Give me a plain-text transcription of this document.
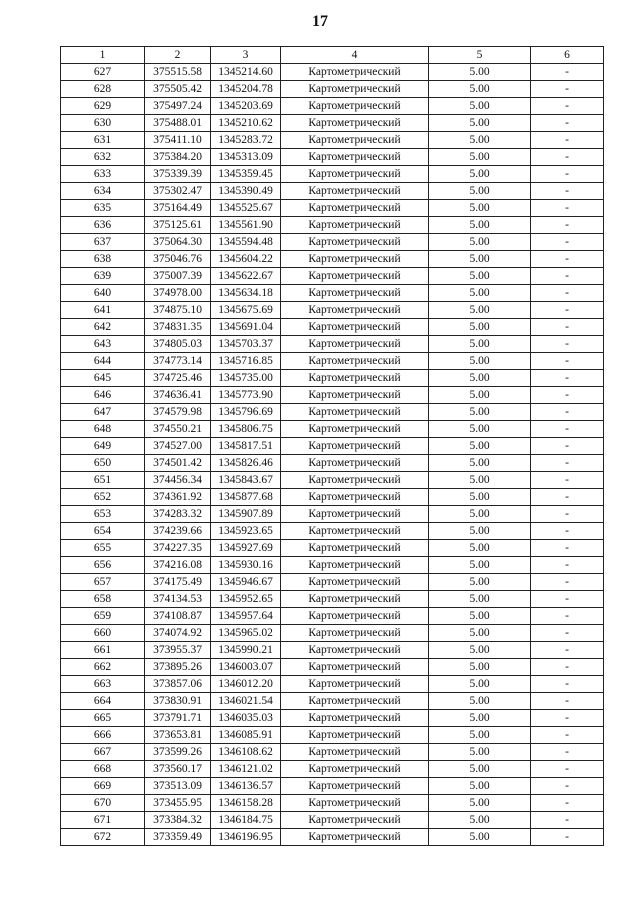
17
1	2	3	4	5	6
627	375515.58	1345214.60	Картометрический	5.00	-
628	375505.42	1345204.78	Картометрический	5.00	-
629	375497.24	1345203.69	Картометрический	5.00	-
630	375488.01	1345210.62	Картометрический	5.00	-
631	375411.10	1345283.72	Картометрический	5.00	-
632	375384.20	1345313.09	Картометрический	5.00	-
633	375339.39	1345359.45	Картометрический	5.00	-
634	375302.47	1345390.49	Картометрический	5.00	-
635	375164.49	1345525.67	Картометрический	5.00	-
636	375125.61	1345561.90	Картометрический	5.00	-
637	375064.30	1345594.48	Картометрический	5.00	-
638	375046.76	1345604.22	Картометрический	5.00	-
639	375007.39	1345622.67	Картометрический	5.00	-
640	374978.00	1345634.18	Картометрический	5.00	-
641	374875.10	1345675.69	Картометрический	5.00	-
642	374831.35	1345691.04	Картометрический	5.00	-
643	374805.03	1345703.37	Картометрический	5.00	-
644	374773.14	1345716.85	Картометрический	5.00	-
645	374725.46	1345735.00	Картометрический	5.00	-
646	374636.41	1345773.90	Картометрический	5.00	-
647	374579.98	1345796.69	Картометрический	5.00	-
648	374550.21	1345806.75	Картометрический	5.00	-
649	374527.00	1345817.51	Картометрический	5.00	-
650	374501.42	1345826.46	Картометрический	5.00	-
651	374456.34	1345843.67	Картометрический	5.00	-
652	374361.92	1345877.68	Картометрический	5.00	-
653	374283.32	1345907.89	Картометрический	5.00	-
654	374239.66	1345923.65	Картометрический	5.00	-
655	374227.35	1345927.69	Картометрический	5.00	-
656	374216.08	1345930.16	Картометрический	5.00	-
657	374175.49	1345946.67	Картометрический	5.00	-
658	374134.53	1345952.65	Картометрический	5.00	-
659	374108.87	1345957.64	Картометрический	5.00	-
660	374074.92	1345965.02	Картометрический	5.00	-
661	373955.37	1345990.21	Картометрический	5.00	-
662	373895.26	1346003.07	Картометрический	5.00	-
663	373857.06	1346012.20	Картометрический	5.00	-
664	373830.91	1346021.54	Картометрический	5.00	-
665	373791.71	1346035.03	Картометрический	5.00	-
666	373653.81	1346085.91	Картометрический	5.00	-
667	373599.26	1346108.62	Картометрический	5.00	-
668	373560.17	1346121.02	Картометрический	5.00	-
669	373513.09	1346136.57	Картометрический	5.00	-
670	373455.95	1346158.28	Картометрический	5.00	-
671	373384.32	1346184.75	Картометрический	5.00	-
672	373359.49	1346196.95	Картометрический	5.00	-
